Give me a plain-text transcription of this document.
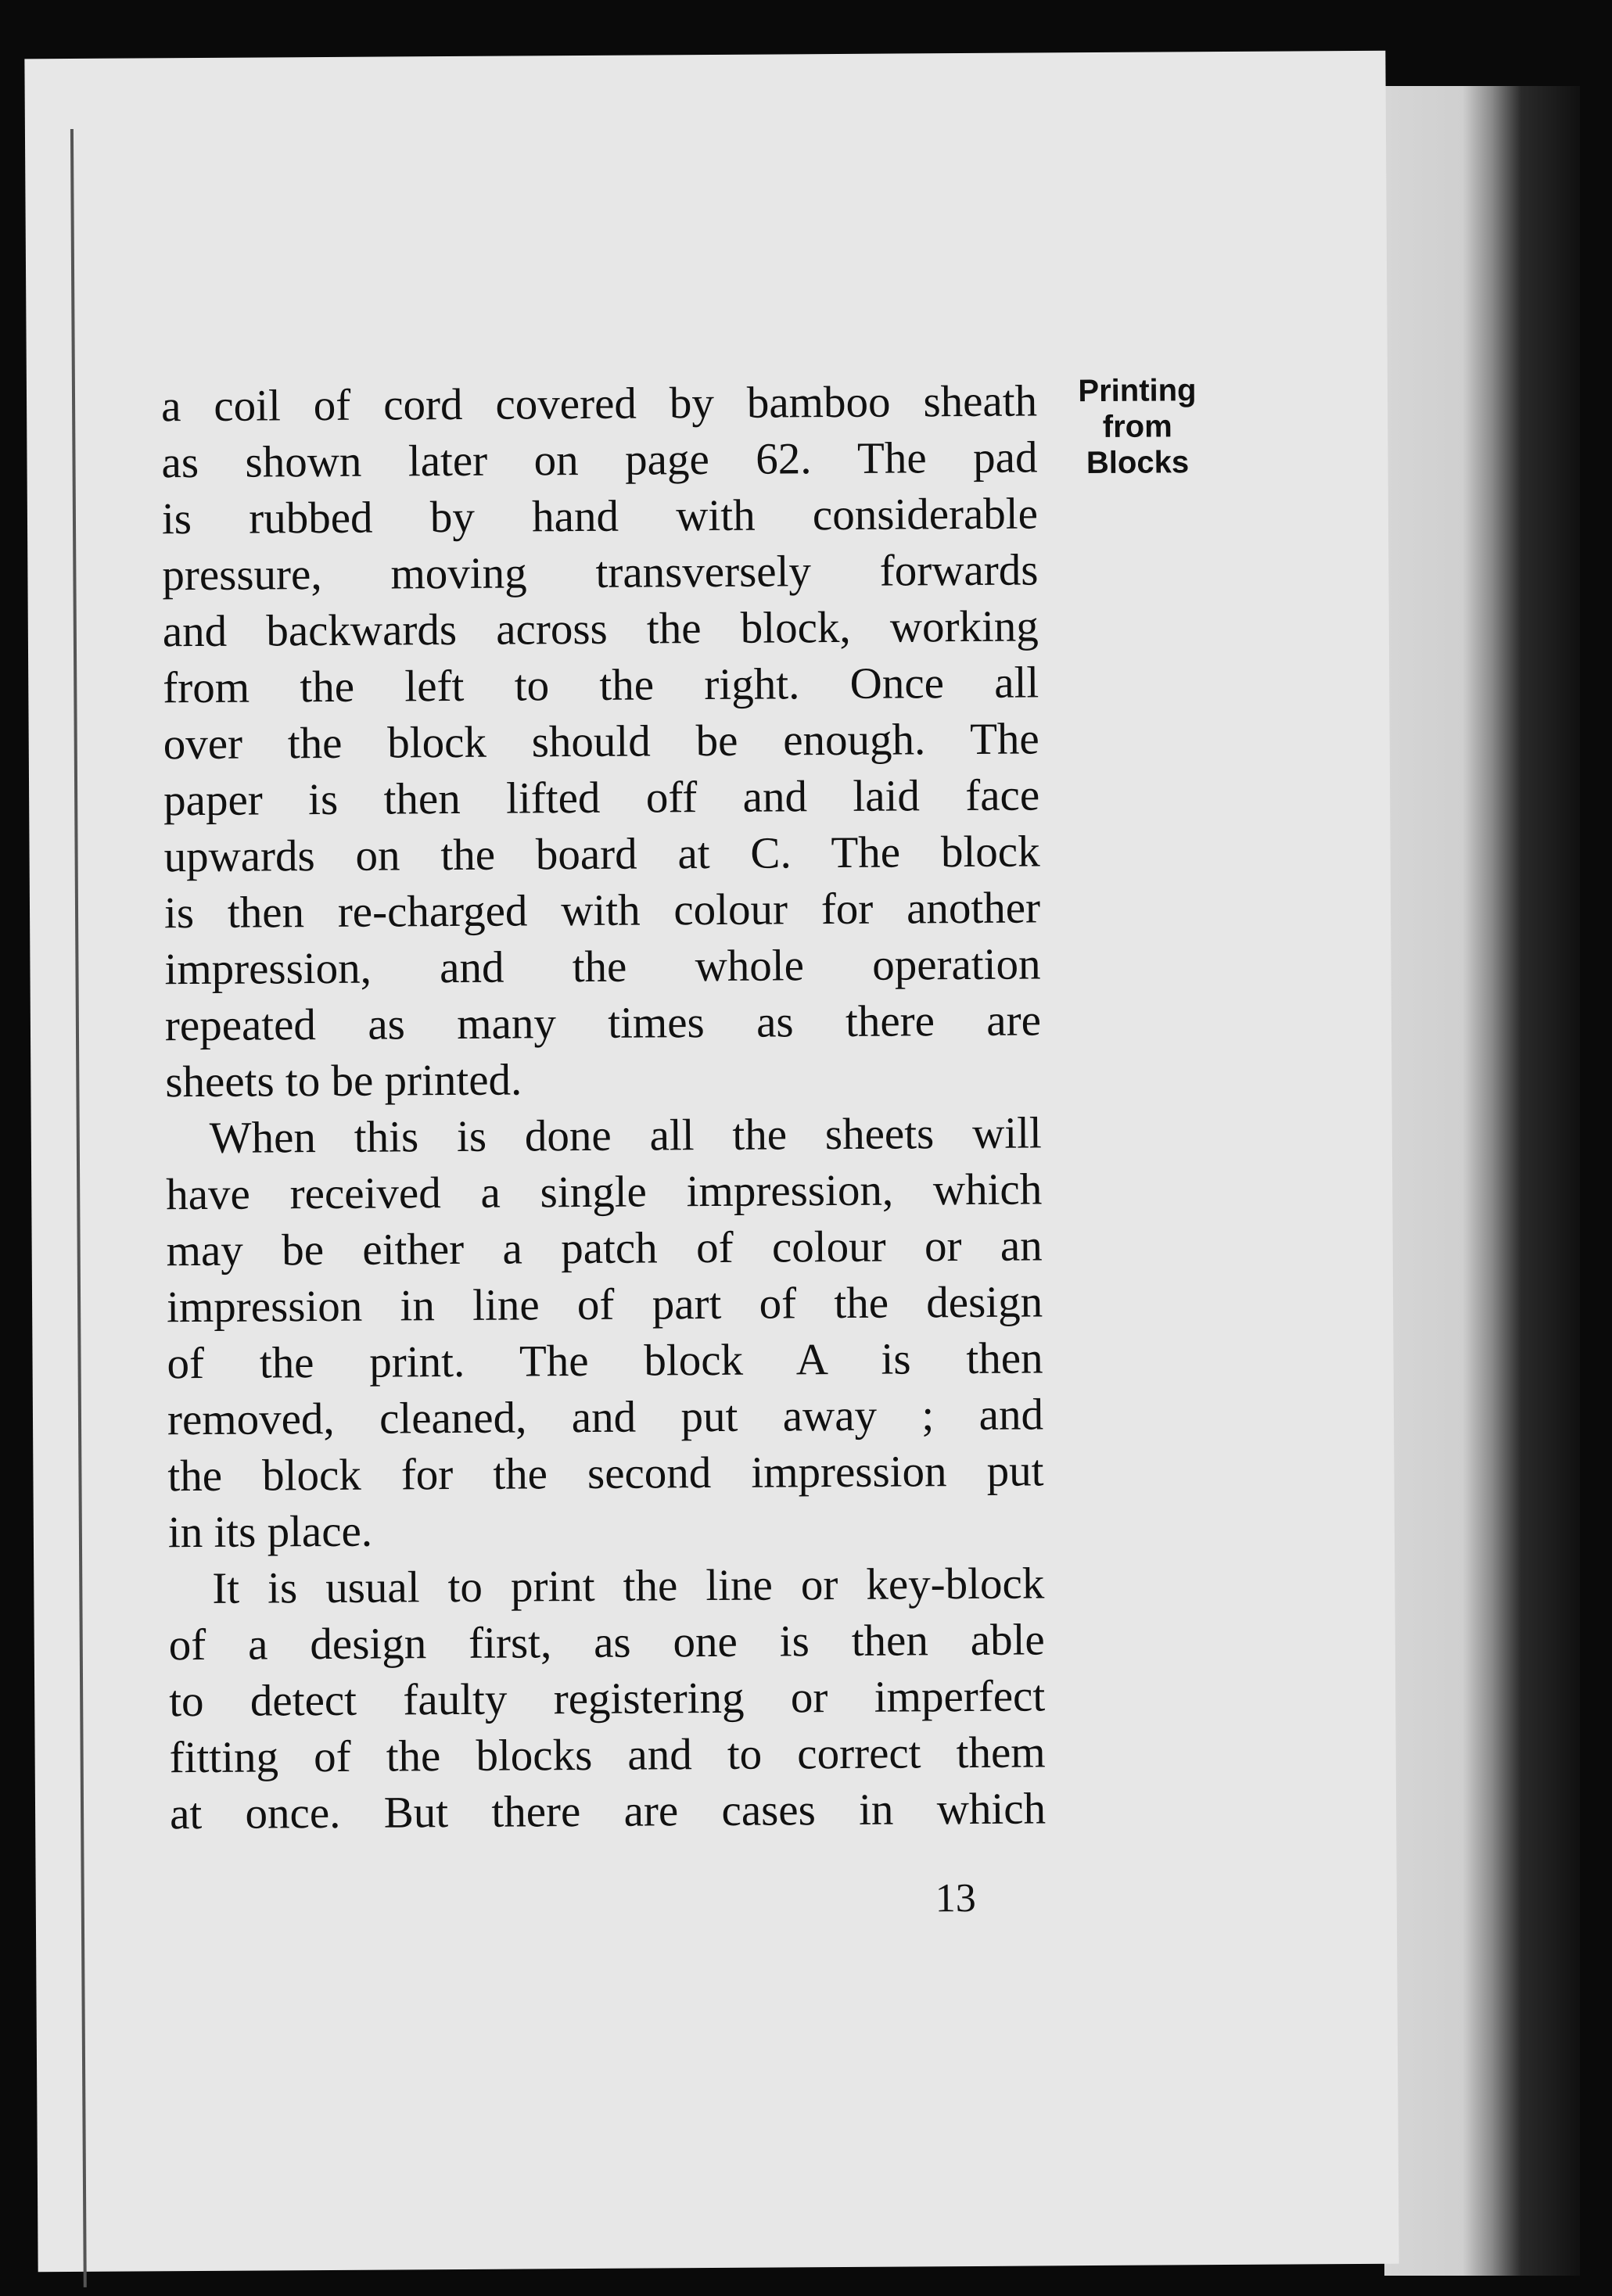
a coil of cord covered by bamboo sheath
as shown later on page 62. The pad
is rubbed by hand with considerable
pressure, moving transversely forwards
and backwards across the block, working
from the left to the right. Once all
over the block should be enough. The
paper is then lifted off and laid face
upwards on the board at C. The block
is then re-charged with colour for another
impression, and the whole operation
repeated as many times as there are
sheets to be printed.
When this is done all the sheets will
have received a single impression, which
may be either a patch of colour or an
impression in line of part of the design
of the print. The block A is then
removed, cleaned, and put away ; and
the block for the second impression put
in its place.
It is usual to print the line or key-block
of a design first, as one is then able
to detect faulty registering or imperfect
fitting of the blocks and to correct them
at once. But there are cases in which
Printing
from
Blocks
13
